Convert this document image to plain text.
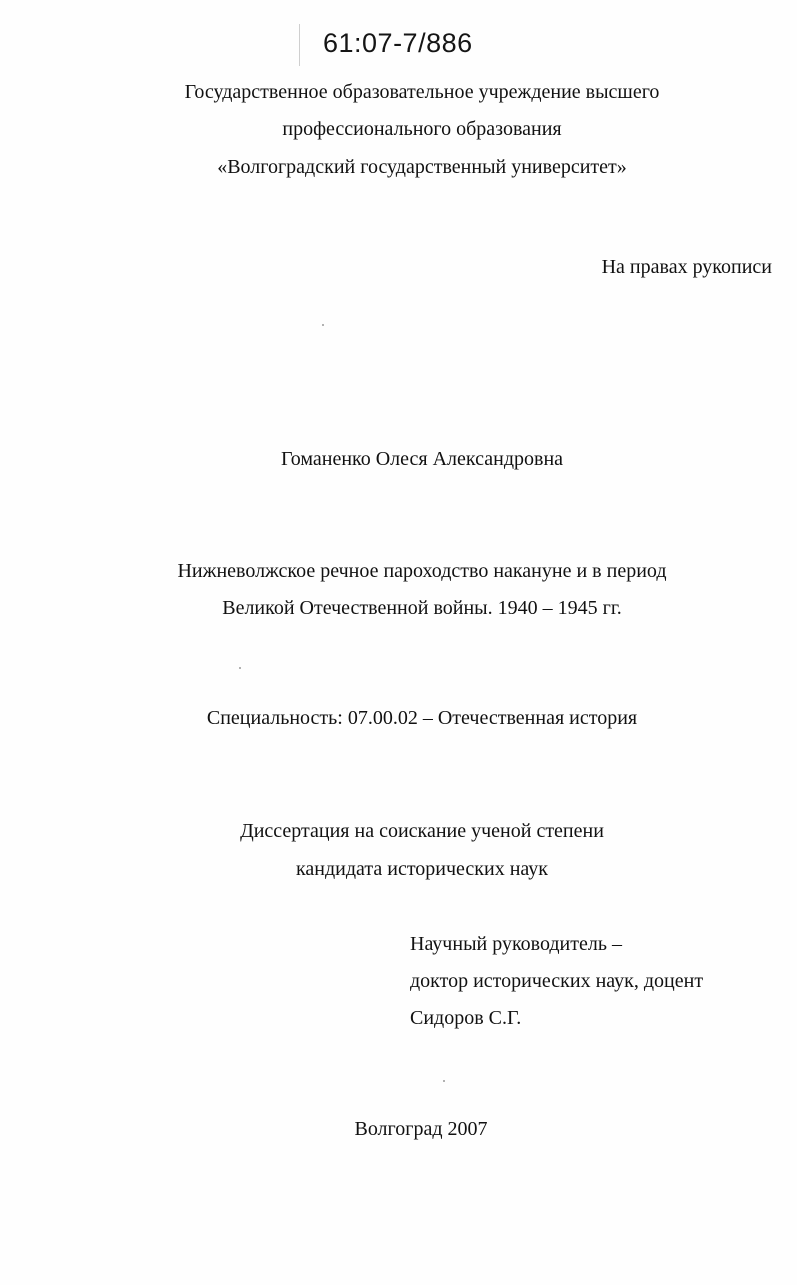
61:07-7/886
Государственное образовательное учреждение высшего
профессионального образования
«Волгоградский государственный университет»
На правах рукописи
Гоманенко Олеся Александровна
Нижневолжское речное пароходство накануне и в период
Великой Отечественной войны. 1940 – 1945 гг.
Специальность: 07.00.02 – Отечественная история
Диссертация на соискание ученой степени
кандидата исторических наук
Научный руководитель –
доктор исторических наук, доцент
Сидоров С.Г.
Волгоград 2007
